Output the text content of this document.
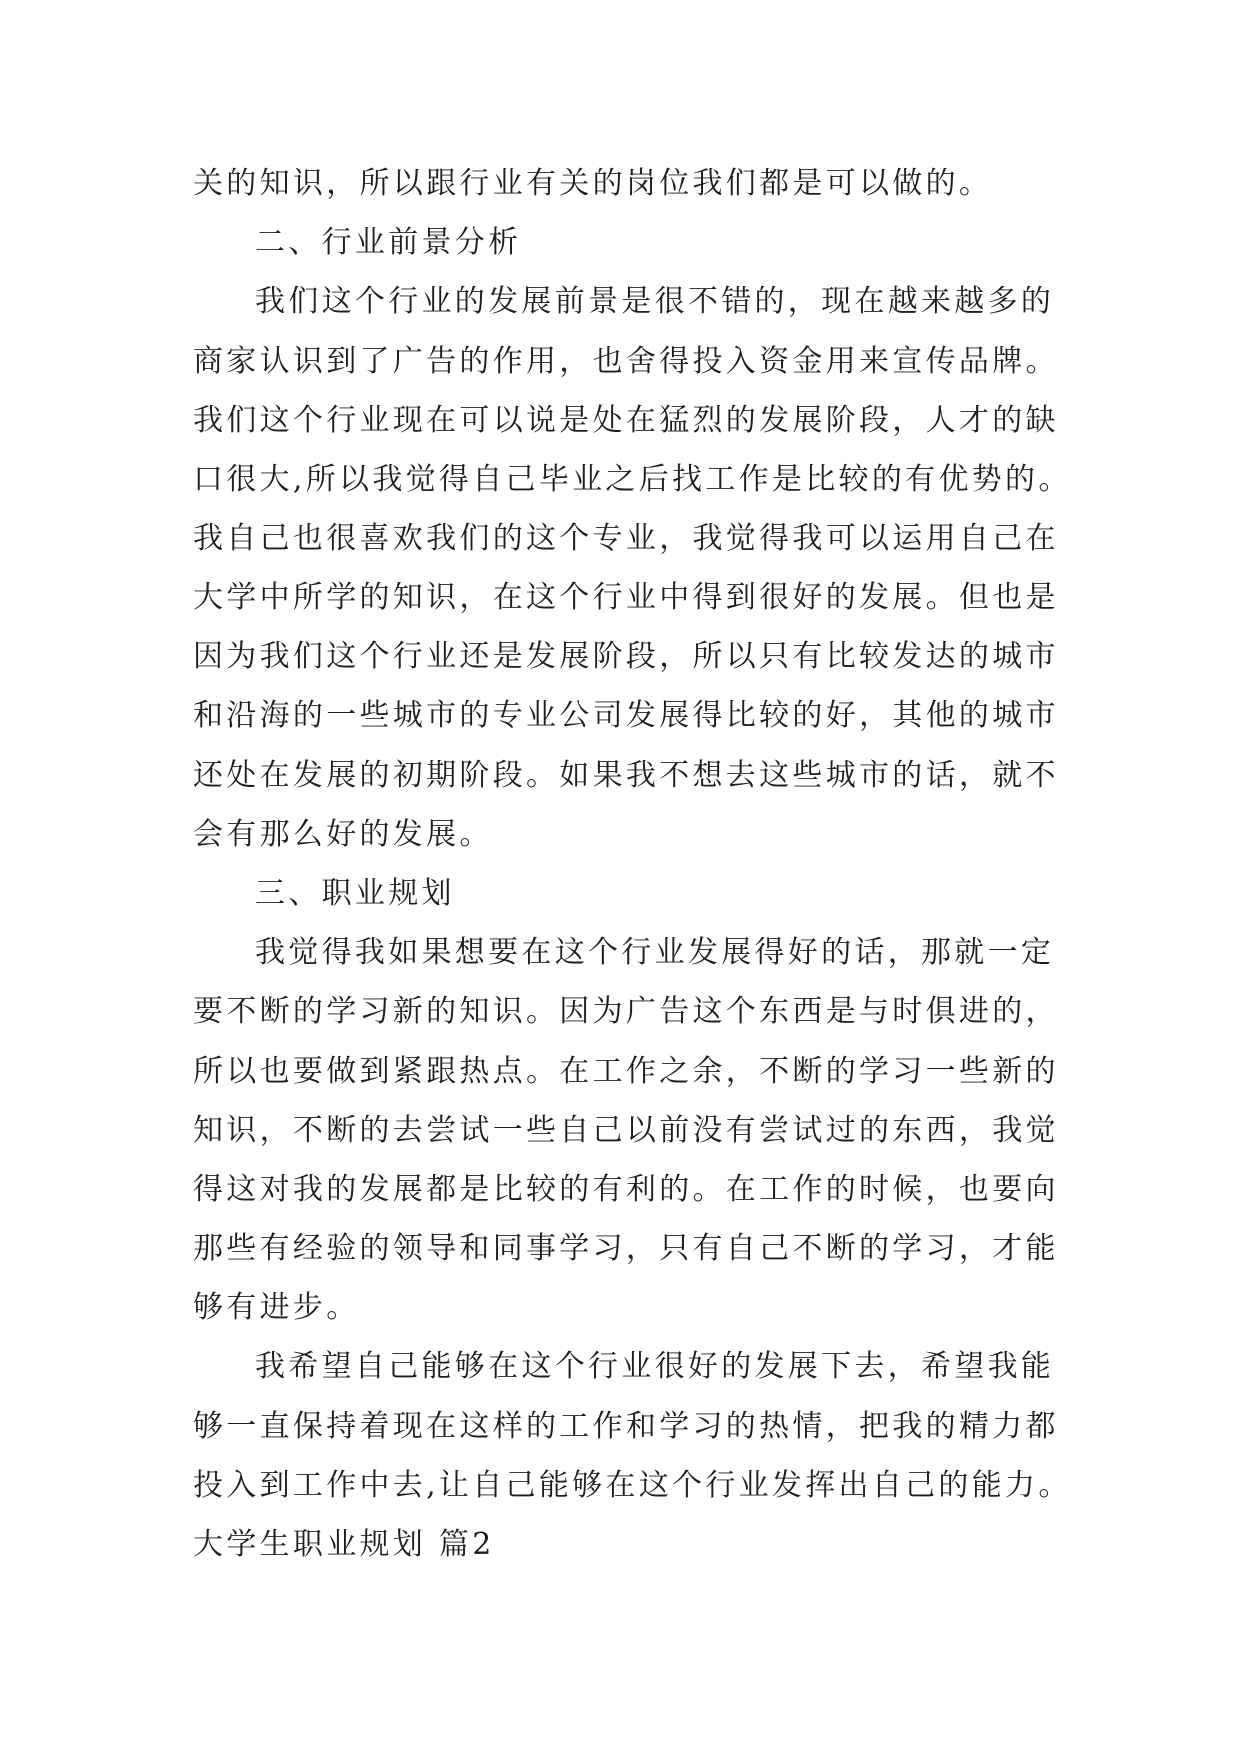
关的知识，所以跟行业有关的岗位我们都是可以做的。
二、行业前景分析
我们这个行业的发展前景是很不错的，现在越来越多的
商家认识到了广告的作用，也舍得投入资金用来宣传品牌。
我们这个行业现在可以说是处在猛烈的发展阶段，人才的缺
口很大,所以我觉得自己毕业之后找工作是比较的有优势的。
我自己也很喜欢我们的这个专业，我觉得我可以运用自己在
大学中所学的知识，在这个行业中得到很好的发展。但也是
因为我们这个行业还是发展阶段，所以只有比较发达的城市
和沿海的一些城市的专业公司发展得比较的好，其他的城市
还处在发展的初期阶段。如果我不想去这些城市的话，就不
会有那么好的发展。
三、职业规划
我觉得我如果想要在这个行业发展得好的话，那就一定
要不断的学习新的知识。因为广告这个东西是与时俱进的，
所以也要做到紧跟热点。在工作之余，不断的学习一些新的
知识，不断的去尝试一些自己以前没有尝试过的东西，我觉
得这对我的发展都是比较的有利的。在工作的时候，也要向
那些有经验的领导和同事学习，只有自己不断的学习，才能
够有进步。
我希望自己能够在这个行业很好的发展下去，希望我能
够一直保持着现在这样的工作和学习的热情，把我的精力都
投入到工作中去,让自己能够在这个行业发挥出自己的能力。
大学生职业规划 篇2
